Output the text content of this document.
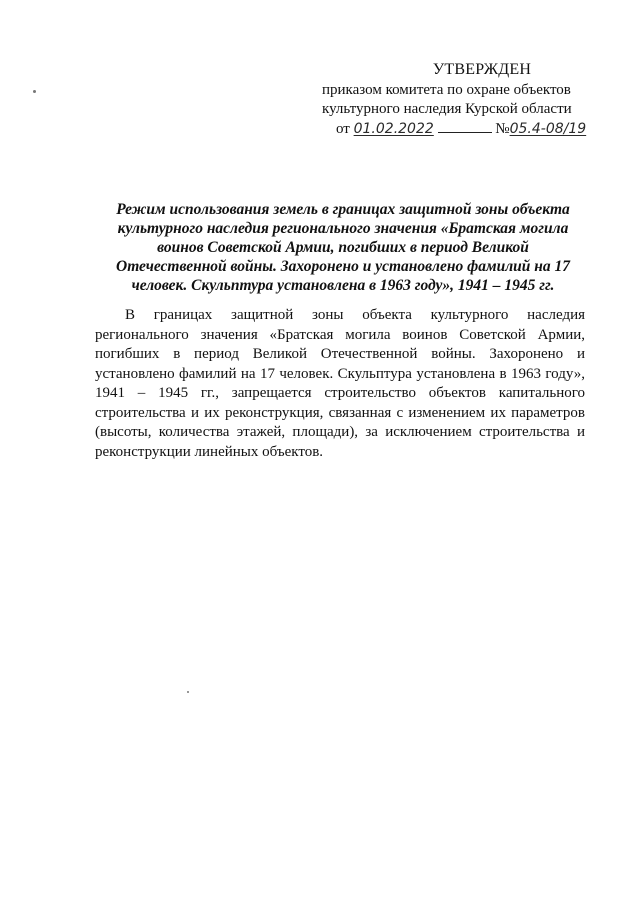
УТВЕРЖДЕН
приказом комитета по охране объектов
культурного наследия Курской области
от 01.02.2022	№05.4-08/19
Режим использования земель в границах защитной зоны объекта культурного наследия регионального значения «Братская могила воинов Советской Армии, погибших в период Великой Отечественной войны. Захоронено и установлено фамилий на 17 человек. Скульптура установлена в 1963 году», 1941 – 1945 гг.
В границах защитной зоны объекта культурного наследия регионального значения «Братская могила воинов Советской Армии, погибших в период Великой Отечественной войны. Захоронено и установлено фамилий на 17 человек. Скульптура установлена в 1963 году», 1941 – 1945 гг., запрещается строительство объектов капитального строительства и их реконструкция, связанная с изменением их параметров (высоты, количества этажей, площади), за исключением строительства и реконструкции линейных объектов.
